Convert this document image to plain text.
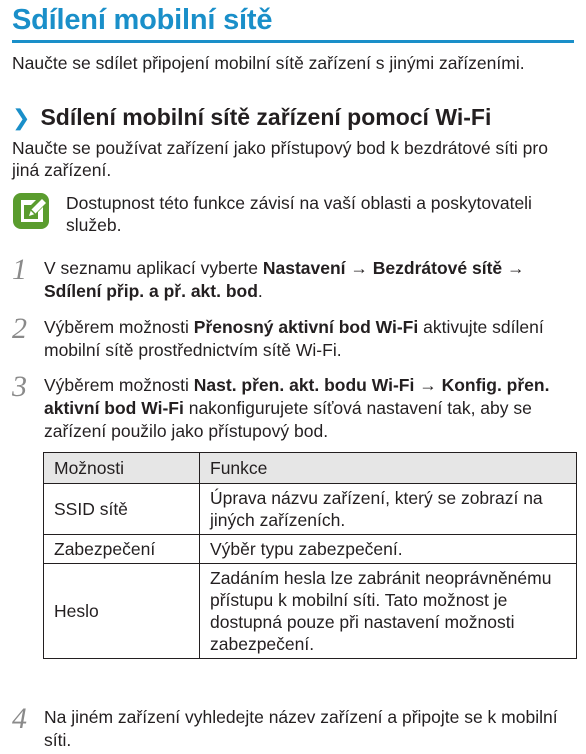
Sdílení mobilní sítě
Naučte se sdílet připojení mobilní sítě zařízení s jinými zařízeními.
❯ Sdílení mobilní sítě zařízení pomocí Wi-Fi
Naučte se používat zařízení jako přístupový bod k bezdrátové síti pro jiná zařízení.
Dostupnost této funkce závisí na vaší oblasti a poskytovateli služeb.
1 V seznamu aplikací vyberte Nastavení → Bezdrátové sítě → Sdílení přip. a př. akt. bod.
2 Výběrem možnosti Přenosný aktivní bod Wi-Fi aktivujte sdílení mobilní sítě prostřednictvím sítě Wi-Fi.
3 Výběrem možnosti Nast. přen. akt. bodu Wi-Fi → Konfig. přen. aktivní bod Wi-Fi nakonfigurujete síťová nastavení tak, aby se zařízení použilo jako přístupový bod.
Možnosti	Funkce
SSID sítě	Úprava názvu zařízení, který se zobrazí na jiných zařízeních.
Zabezpečení	Výběr typu zabezpečení.
Heslo	Zadáním hesla lze zabránit neoprávněnému přístupu k mobilní síti. Tato možnost je dostupná pouze při nastavení možnosti zabezpečení.
4 Na jiném zařízení vyhledejte název zařízení a připojte se k mobilní síti.
